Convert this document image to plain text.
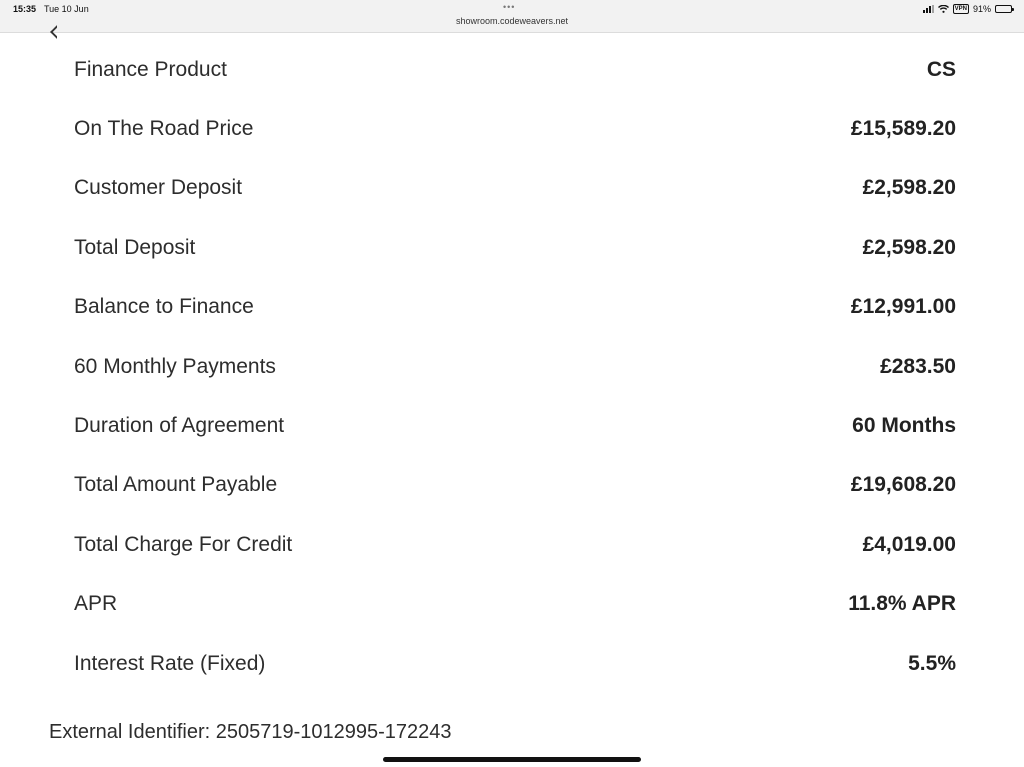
15:35 Tue 10 Jun	•••
showroom.codeweavers.net
VPN 91%
Finance Product	CS
On The Road Price	£15,589.20
Customer Deposit	£2,598.20
Total Deposit	£2,598.20
Balance to Finance	£12,991.00
60 Monthly Payments	£283.50
Duration of Agreement	60 Months
Total Amount Payable	£19,608.20
Total Charge For Credit	£4,019.00
APR	11.8% APR
Interest Rate (Fixed)	5.5%
External Identifier: 2505719-1012995-172243
